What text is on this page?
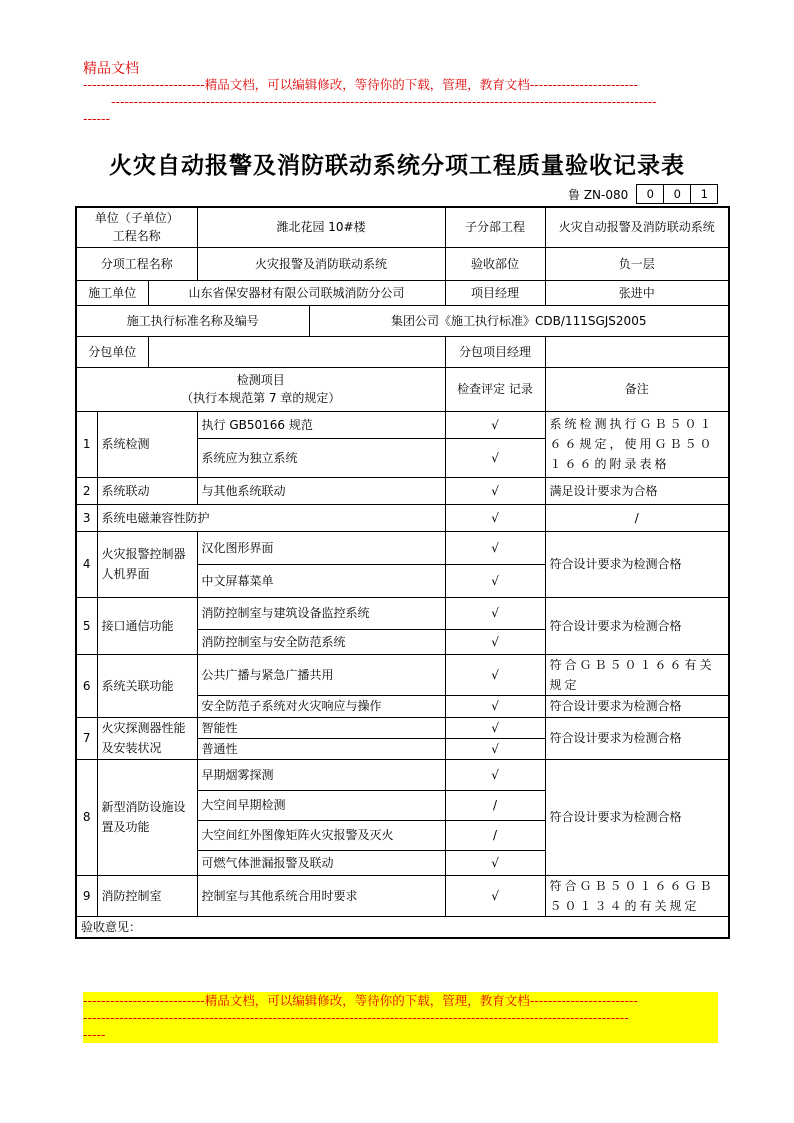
精品文档
---------------------------精品文档，可以编辑修改，等待你的下载，管理，教育文档------------------------
-------------------------------------------------------------------------------------------------------------------------
------
火灾自动报警及消防联动系统分项工程质量验收记录表
鲁 ZN-080	0	0	1
单位（子单位）
工程名称			潍北花园 10#楼		子分部工程	火灾自动报警及消防联动系统
分项工程名称			火灾报警及消防联动系统		验收部位	负一层
施工单位		山东省保安器材有限公司联城消防分公司			项目经理	张进中
施工执行标准名称及编号				集团公司《施工执行标准》CDB/111SGJS2005		
分包单位					分包项目经理	
检测项目
（执行本规范第 7 章的规定）					检查评定 记录	备注
1	系统检测		执行 GB50166 规范		√	系统检测执行ＧＢ５０１６６规定，使用ＧＢ５０１６６的附录表格
			系统应为独立系统		√	
2	系统联动		与其他系统联动		√	满足设计要求为合格
3	系统电磁兼容性防护				√	/
4	火灾报警控制器人机界面		汉化图形界面		√	符合设计要求为检测合格
			中文屏幕菜单		√	
5	接口通信功能		消防控制室与建筑设备监控系统		√	符合设计要求为检测合格
			消防控制室与安全防范系统		√	
6	系统关联功能		公共广播与紧急广播共用		√	符合ＧＢ５０１６６有关规定
			安全防范子系统对火灾响应与操作		√	符合设计要求为检测合格
7	火灾探测器性能及安装状况		智能性		√	符合设计要求为检测合格
			普通性		√	
8	新型消防设施设置及功能		早期烟雾探测		√	符合设计要求为检测合格
			大空间早期检测		/	
			大空间红外图像矩阵火灾报警及灭火		/	
			可燃气体泄漏报警及联动		√	
9	消防控制室		控制室与其他系统合用时要求		√	符合ＧＢ５０１６６ＧＢ５０１３４的有关规定
验收意见：						
---------------------------精品文档，可以编辑修改，等待你的下载，管理，教育文档------------------------
-------------------------------------------------------------------------------------------------------------------------
-----
